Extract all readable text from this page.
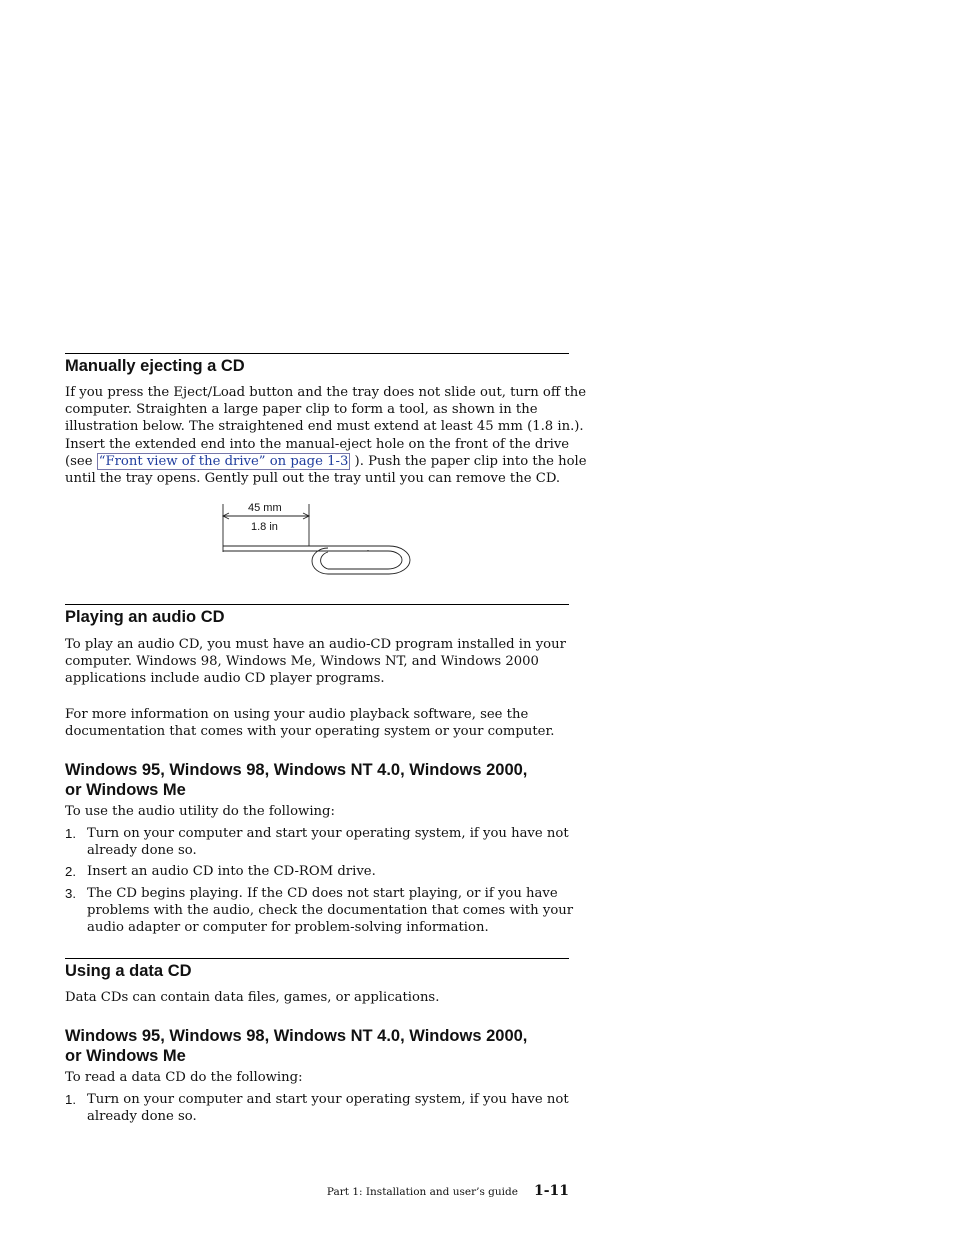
Manually ejecting a CD
If you press the Eject/Load button and the tray does not slide out, turn off the
computer. Straighten a large paper clip to form a tool, as shown in the
illustration below. The straightened end must extend at least 45 mm (1.8 in.).
Insert the extended end into the manual-eject hole on the front of the drive
(see “Front view of the drive” on page 1-3 ). Push the paper clip into the hole
until the tray opens. Gently pull out the tray until you can remove the CD.
45 mm
1.8 in
Playing an audio CD
To play an audio CD, you must have an audio-CD program installed in your
computer. Windows 98, Windows Me, Windows NT, and Windows 2000
applications include audio CD player programs.
For more information on using your audio playback software, see the
documentation that comes with your operating system or your computer.
Windows 95, Windows 98, Windows NT 4.0, Windows 2000,
or Windows Me
To use the audio utility do the following:
1. Turn on your computer and start your operating system, if you have not
already done so.
2. Insert an audio CD into the CD-ROM drive.
3. The CD begins playing. If the CD does not start playing, or if you have
problems with the audio, check the documentation that comes with your
audio adapter or computer for problem-solving information.
Using a data CD
Data CDs can contain data files, games, or applications.
Windows 95, Windows 98, Windows NT 4.0, Windows 2000,
or Windows Me
To read a data CD do the following:
1. Turn on your computer and start your operating system, if you have not
already done so.
Part 1: Installation and user’s guide 1-11
